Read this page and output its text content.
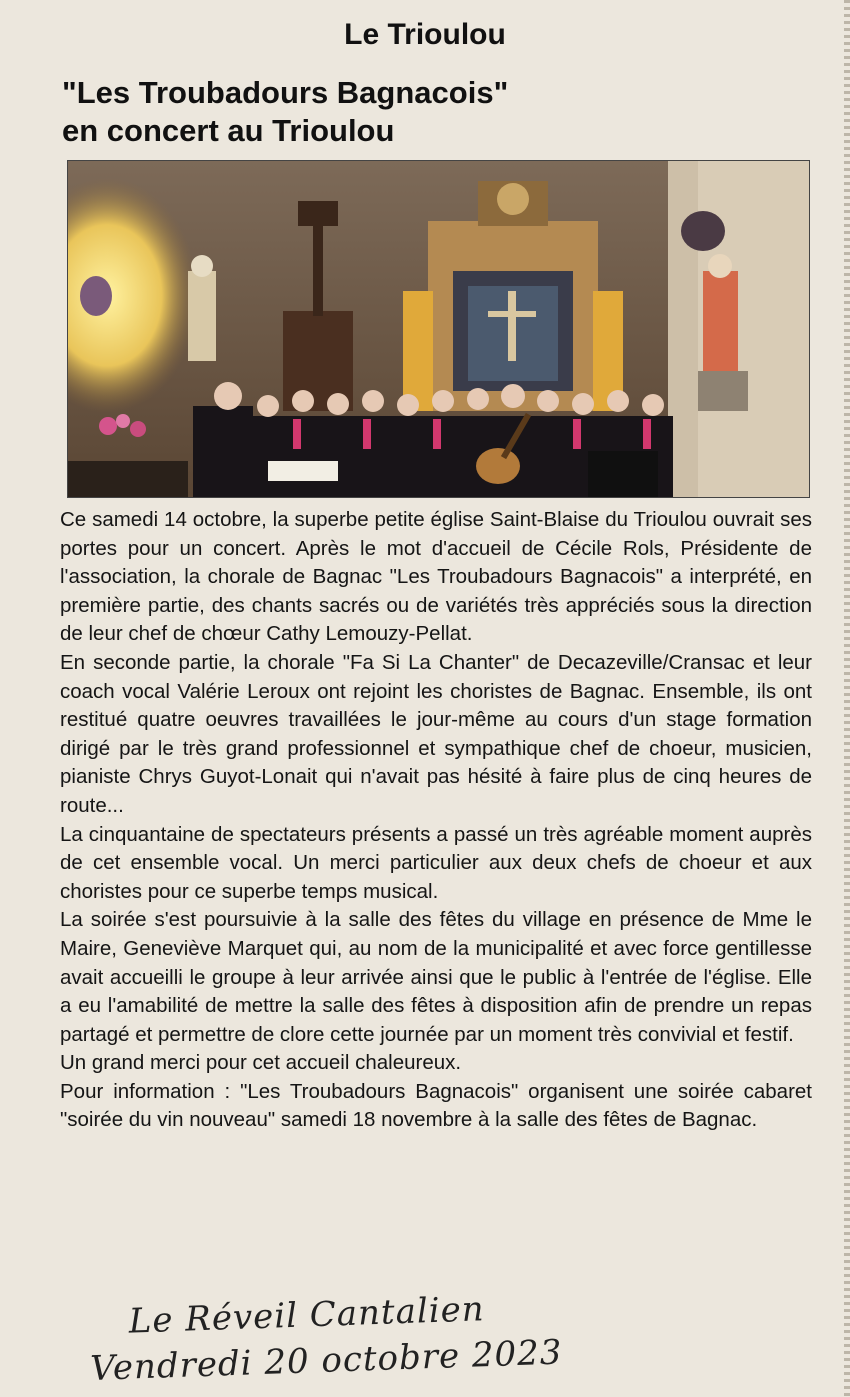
Le Trioulou
"Les Troubadours Bagnacois"
en concert au Trioulou

Ce samedi 14 octobre, la superbe petite église Saint-Blaise du Trioulou ouvrait ses portes pour un concert. Après le mot d'accueil de Cécile Rols, Présidente de l'association, la chorale de Bagnac "Les Troubadours Bagnacois" a interprété, en première partie, des chants sacrés ou de variétés très appréciés sous la direction de leur chef de chœur Cathy Lemouzy-Pellat.

En seconde partie, la chorale "Fa Si La Chanter" de Decazeville/Cransac et leur coach vocal Valérie Leroux ont rejoint les choristes de Bagnac. Ensemble, ils ont restitué quatre oeuvres travaillées le jour-même au cours d'un stage formation dirigé par le très grand professionnel et sympathique chef de choeur, musicien, pianiste Chrys Guyot-Lonait qui n'avait pas hésité à faire plus de cinq heures de route...

La cinquantaine de spectateurs présents a passé un très agréable moment auprès de cet ensemble vocal. Un merci particulier aux deux chefs de choeur et aux choristes pour ce superbe temps musical.

La soirée s'est poursuivie à la salle des fêtes du village en présence de Mme le Maire, Geneviève Marquet qui, au nom de la municipalité et avec force gentillesse avait accueilli le groupe à leur arrivée ainsi que le public à l'entrée de l'église. Elle a eu l'amabilité de mettre la salle des fêtes à disposition afin de prendre un repas partagé et permettre de clore cette journée par un moment très convivial et festif.

Un grand merci pour cet accueil chaleureux.

Pour information : "Les Troubadours Bagnacois" organisent une soirée cabaret "soirée du vin nouveau" samedi 18 novembre à la salle des fêtes de Bagnac.

Le Réveil Cantalien
Vendredi 20 octobre 2023
